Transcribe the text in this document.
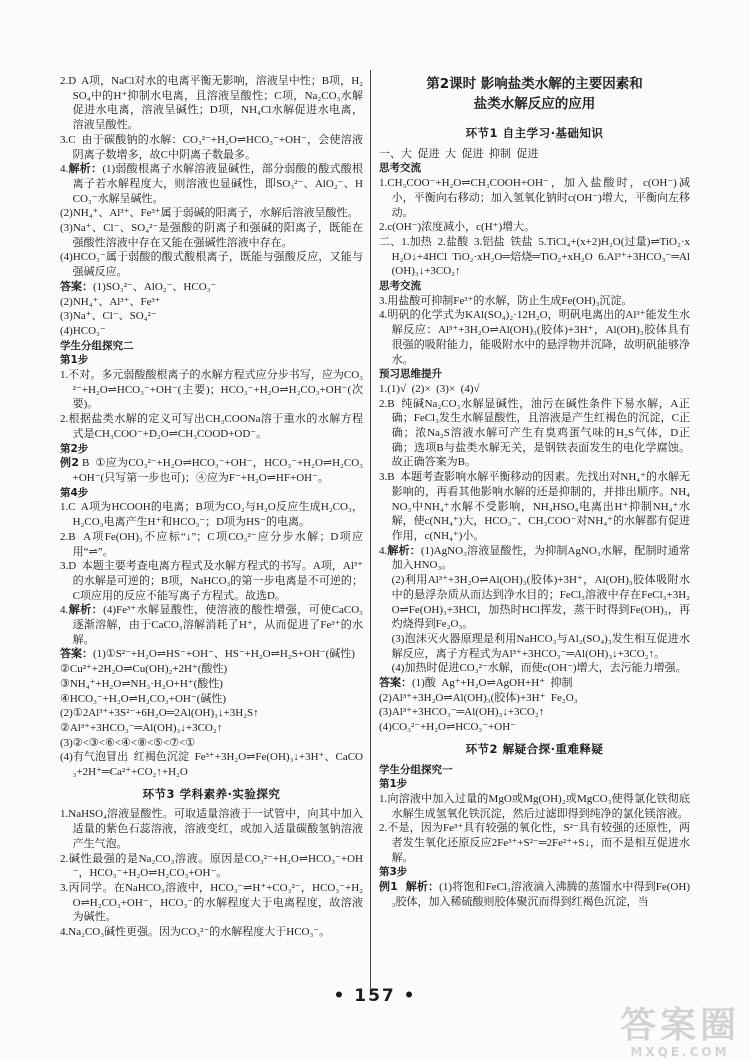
2.D  A项，NaCl对水的电离平衡无影响，溶液呈中性；B项，H₂SO₄中的H⁺抑制水电离，且溶液呈酸性；C项，Na₂CO₃水解促进水电离，溶液呈碱性；D项，NH₄Cl水解促进水电离，溶液呈酸性。

3.C  由于碳酸钠的水解：CO₃²⁻+H₂O⇌HCO₃⁻+OH⁻，会使溶液阴离子数增多，故C中阴离子数最多。

4.解析：(1)弱酸根离子水解溶液显碱性，部分弱酸的酸式酸根离子若水解程度大，则溶液也显碱性，即SO₃²⁻、AlO₂⁻、HCO₃⁻水解呈碱性。

(2)NH₄⁺、Al³⁺、Fe³⁺属于弱碱的阳离子，水解后溶液呈酸性。

(3)Na⁺、Cl⁻、SO₄²⁻是强酸的阴离子和强碱的阳离子，既能在强酸性溶液中存在又能在强碱性溶液中存在。

(4)HCO₃⁻属于弱酸的酸式酸根离子，既能与强酸反应，又能与强碱反应。

答案：(1)SO₃²⁻、AlO₂⁻、HCO₃⁻

(2)NH₄⁺、Al³⁺、Fe³⁺

(3)Na⁺、Cl⁻、SO₄²⁻

(4)HCO₃⁻

学生分组探究二

第1步

1.不对。多元弱酸酸根离子的水解方程式应分步书写，应为CO₃²⁻+H₂O⇌HCO₃⁻+OH⁻(主要)；HCO₃⁻+H₂O⇌H₂CO₃+OH⁻(次要)。

2.根据盐类水解的定义可写出CH₃COONa溶于重水的水解方程式是CH₃COO⁻+D₂O⇌CH₃COOD+OD⁻。

第2步

例2 B  ①应为CO₃²⁻+H₂O⇌HCO₃⁻+OH⁻，HCO₃⁻+H₂O⇌H₂CO₃+OH⁻(只写第一步也可)；④应为F⁻+H₂O⇌HF+OH⁻。

第4步

1.C  A项为HCOOH的电离；B项为CO₂与H₂O反应生成H₂CO₃，H₂CO₃电离产生H⁺和HCO₃⁻；D项为HS⁻的电离。

2.B  A项Fe(OH)₃不应标“↓”；C项CO₃²⁻应分步水解；D项应用“⇌”。

3.D  本题主要考查电离方程式及水解方程式的书写。A项，Al³⁺的水解是可逆的；B项，NaHCO₃的第一步电离是不可逆的；C项应用的反应不能写离子方程式。故选D。

4.解析：(4)Fe³⁺水解显酸性，使溶液的酸性增强，可使CaCO₃逐渐溶解，由于CaCO₃溶解消耗了H⁺，从而促进了Fe³⁺的水解。

答案：(1)①S²⁻+H₂O⇌HS⁻+OH⁻、HS⁻+H₂O⇌H₂S+OH⁻(碱性)

②Cu²⁺+2H₂O⇌Cu(OH)₂+2H⁺(酸性)

③NH₄⁺+H₂O⇌NH₃·H₂O+H⁺(酸性)

④HCO₃⁻+H₂O⇌H₂CO₃+OH⁻(碱性)

(2)①2Al³⁺+3S²⁻+6H₂O═2Al(OH)₃↓+3H₂S↑

②Al³⁺+3HCO₃⁻═Al(OH)₃↓+3CO₂↑

(3)②<③<⑥<④<⑧<⑤<⑦<①

(4)有气泡冒出  红褐色沉淀  Fe³⁺+3H₂O⇌Fe(OH)₃↓+3H⁺、CaCO₃+2H⁺═Ca²⁺+CO₂↑+H₂O

环节3 学科素养·实验探究

1.NaHSO₄溶液显酸性。可取适量溶液于一试管中，向其中加入适量的紫色石蕊溶液，溶液变红，或加入适量碳酸氢钠溶液产生气泡。

2.碱性最强的是Na₂CO₃溶液。原因是CO₃²⁻+H₂O⇌HCO₃⁻+OH⁻，HCO₃⁻+H₂O⇌H₂CO₃+OH⁻。

3.丙同学。在NaHCO₃溶液中，HCO₃⁻⇌H⁺+CO₃²⁻，HCO₃⁻+H₂O⇌H₂CO₃+OH⁻，HCO₃⁻的水解程度大于电离程度，故溶液为碱性。

4.Na₂CO₃碱性更强。因为CO₃²⁻的水解程度大于HCO₃⁻。

第2课时 影响盐类水解的主要因素和

盐类水解反应的应用

环节1 自主学习·基础知识

一、大  促进  大  促进  抑制  促进

思考交流

1.CH₃COO⁻+H₂O⇌CH₃COOH+OH⁻，加入盐酸时，c(OH⁻)减小，平衡向右移动；加入氢氧化钠时c(OH⁻)增大，平衡向左移动。

2.c(OH⁻)浓度减小，c(H⁺)增大。

二、1.加热  2.盐酸  3.铝盐  铁盐  5.TiCl₄+(x+2)H₂O(过量)⇌TiO₂·xH₂O↓+4HCl  TiO₂·xH₂O═焙烧═TiO₂+xH₂O  6.Al³⁺+3HCO₃⁻═Al(OH)₃↓+3CO₂↑

思考交流

3.用盐酸可抑制Fe³⁺的水解，防止生成Fe(OH)₃沉淀。

4.明矾的化学式为KAl(SO₄)₂·12H₂O，明矾电离出的Al³⁺能发生水解反应：Al³⁺+3H₂O⇌Al(OH)₃(胶体)+3H⁺，Al(OH)₃胶体具有很强的吸附能力，能吸附水中的悬浮物并沉降，故明矾能够净水。

预习思维提升

1.(1)√  (2)×  (3)×  (4)√

2.B  纯碱Na₂CO₃水解显碱性，油污在碱性条件下易水解，A正确；FeCl₃发生水解显酸性，且溶液是产生红褐色的沉淀，C正确；浓Na₂S溶液水解可产生有臭鸡蛋气味的H₂S气体，D正确；选项B与盐类水解无关，是钢铁表面发生的电化学腐蚀。故正确答案为B。

3.B  本题考查影响水解平衡移动的因素。先找出对NH₄⁺的水解无影响的，再看其他影响水解的还是抑制的，并排出顺序。NH₄NO₃中NH₄⁺水解不受影响，NH₄HSO₄电离出H⁺抑制NH₄⁺水解，使c(NH₄⁺)大，HCO₃⁻、CH₃COO⁻对NH₄⁺的水解都有促进作用，c(NH₄⁺)小。

4.解析：(1)AgNO₃溶液显酸性，为抑制AgNO₃水解，配制时通常加入HNO₃。

(2)利用Al³⁺+3H₂O⇌Al(OH)₃(胶体)+3H⁺，Al(OH)₃胶体吸附水中的悬浮杂质从而达到净水目的；FeCl₃溶液中存在FeCl₃+3H₂O⇌Fe(OH)₃+3HCl，加热时HCl挥发，蒸干时得到Fe(OH)₃，再灼烧得到Fe₂O₃。

(3)泡沫灭火器原理是利用NaHCO₃与Al₂(SO₄)₃发生相互促进水解反应，离子方程式为Al³⁺+3HCO₃⁻═Al(OH)₃↓+3CO₂↑。

(4)加热时促进CO₃²⁻水解，而使c(OH⁻)增大，去污能力增强。

答案：(1)酸  Ag⁺+H₂O⇌AgOH+H⁺  抑制

(2)Al³⁺+3H₂O⇌Al(OH)₃(胶体)+3H⁺  Fe₂O₃

(3)Al³⁺+3HCO₃⁻═Al(OH)₃↓+3CO₂↑

(4)CO₃²⁻+H₂O⇌HCO₃⁻+OH⁻

环节2 解疑合探·重难释疑

学生分组探究一

第1步

1.向溶液中加入过量的MgO或Mg(OH)₂或MgCO₃使得氯化铁彻底水解生成氢氧化铁沉淀，然后过滤即得到纯净的氯化镁溶液。

2.不是，因为Fe³⁺具有较强的氧化性，S²⁻具有较强的还原性，两者发生氧化还原反应2Fe³⁺+S²⁻═2Fe²⁺+S↓，而不是相互促进水解。

第3步

例1  解析：(1)将饱和FeCl₃溶液滴入沸腾的蒸馏水中得到Fe(OH)₃胶体，加入稀硫酸则胶体聚沉而得到红褐色沉淀，当

• 157 •
答案圈
MXQE.COM
